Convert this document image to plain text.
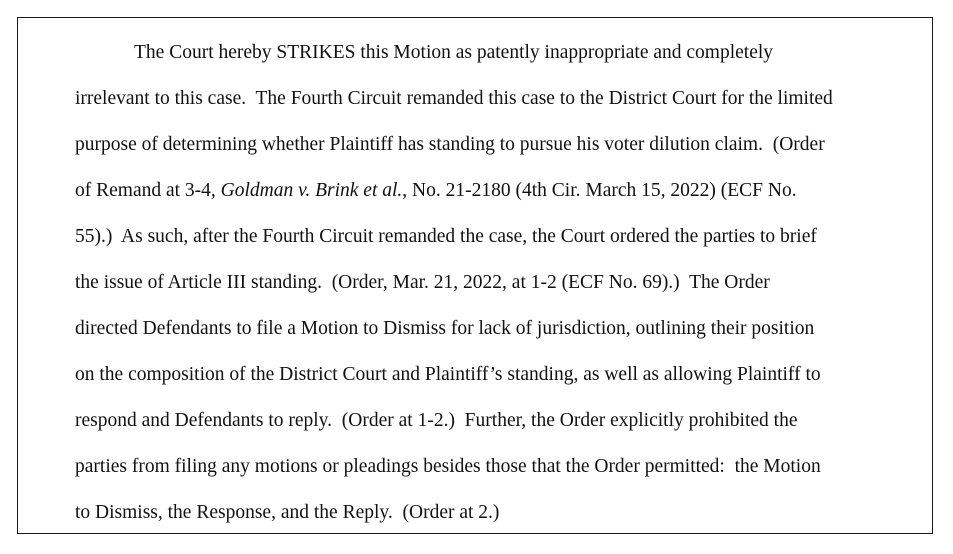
The Court hereby STRIKES this Motion as patently inappropriate and completely
irrelevant to this case.  The Fourth Circuit remanded this case to the District Court for the limited
purpose of determining whether Plaintiff has standing to pursue his voter dilution claim.  (Order
of Remand at 3-4, Goldman v. Brink et al., No. 21-2180 (4th Cir. March 15, 2022) (ECF No.
55).)  As such, after the Fourth Circuit remanded the case, the Court ordered the parties to brief
the issue of Article III standing.  (Order, Mar. 21, 2022, at 1-2 (ECF No. 69).)  The Order
directed Defendants to file a Motion to Dismiss for lack of jurisdiction, outlining their position
on the composition of the District Court and Plaintiff’s standing, as well as allowing Plaintiff to
respond and Defendants to reply.  (Order at 1-2.)  Further, the Order explicitly prohibited the
parties from filing any motions or pleadings besides those that the Order permitted:  the Motion
to Dismiss, the Response, and the Reply.  (Order at 2.)
